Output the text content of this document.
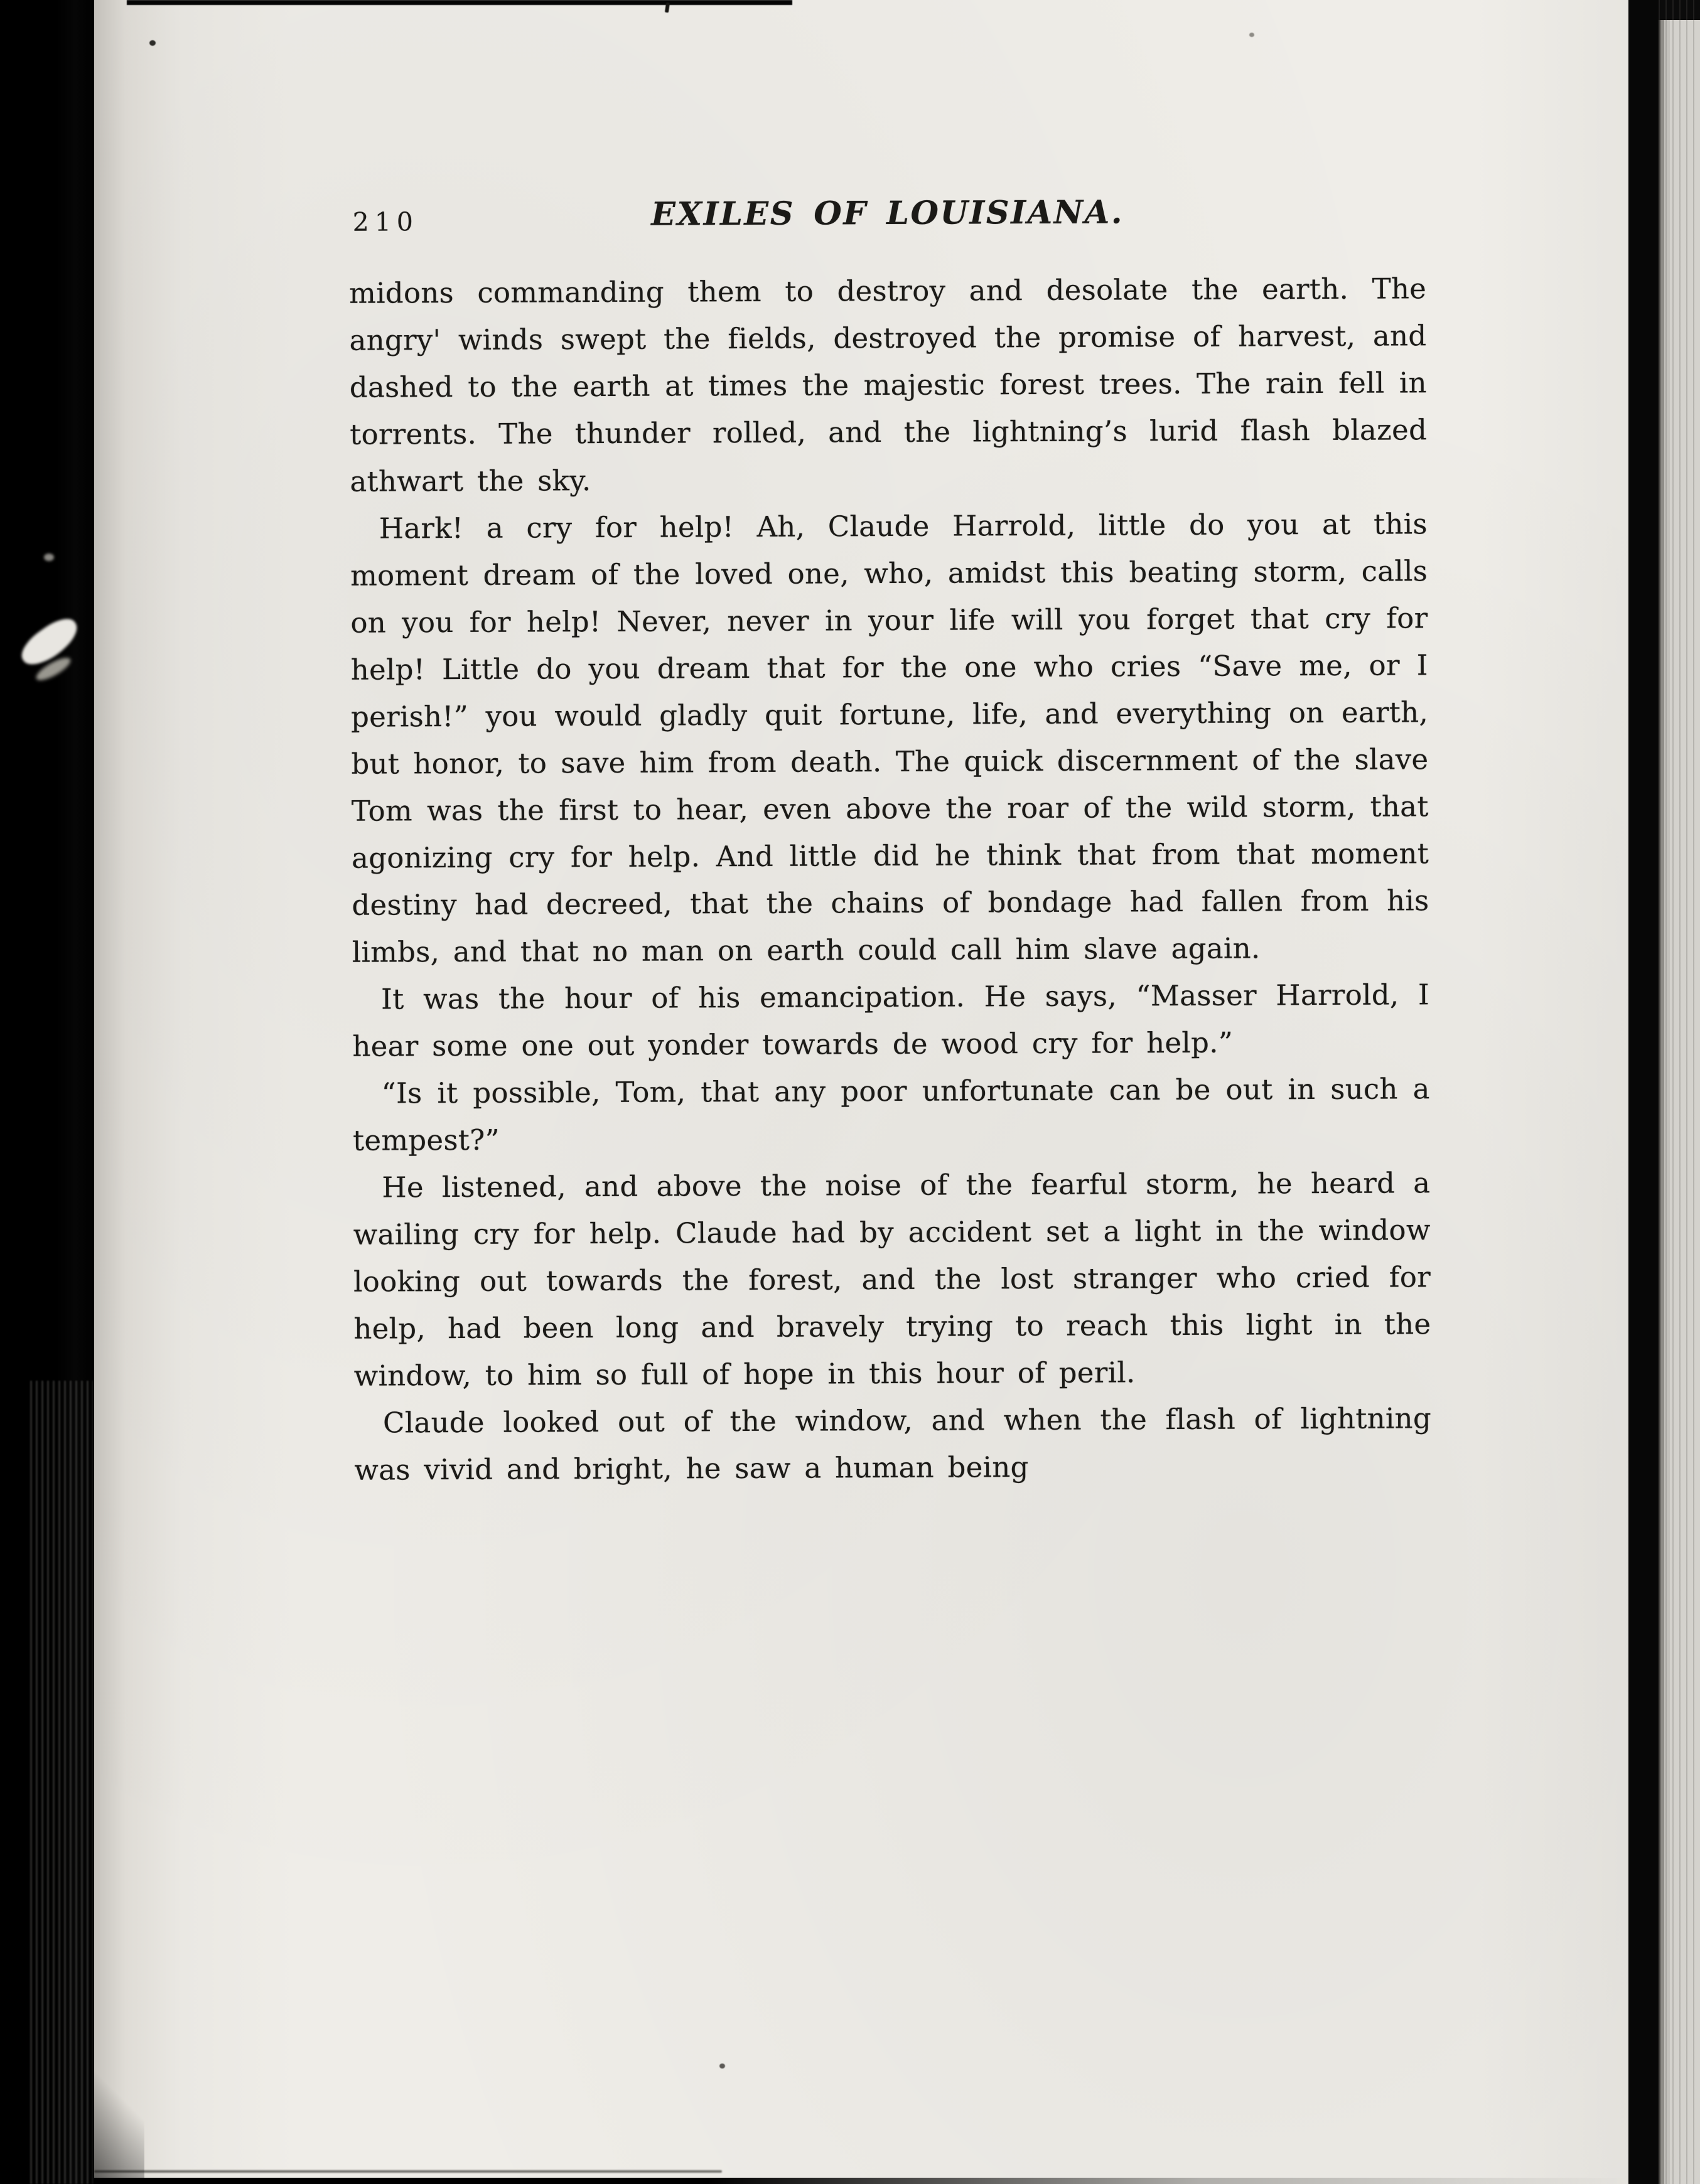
210	EXILES OF LOUISIANA.

midons commanding them to destroy and desolate the earth. The angry' winds swept the fields, destroyed the promise of harvest, and dashed to the earth at times the majestic forest trees. The rain fell in torrents. The thunder rolled, and the lightning’s lurid flash blazed athwart the sky.

Hark! a cry for help! Ah, Claude Harrold, little do you at this moment dream of the loved one, who, amidst this beating storm, calls on you for help! Never, never in your life will you forget that cry for help! Little do you dream that for the one who cries “Save me, or I perish!” you would gladly quit fortune, life, and everything on earth, but honor, to save him from death. The quick discernment of the slave Tom was the first to hear, even above the roar of the wild storm, that agonizing cry for help. And little did he think that from that moment destiny had decreed, that the chains of bondage had fallen from his limbs, and that no man on earth could call him slave again.

It was the hour of his emancipation. He says, “Masser Harrold, I hear some one out yonder towards de wood cry for help.”

“Is it possible, Tom, that any poor unfortunate can be out in such a tempest?”

He listened, and above the noise of the fearful storm, he heard a wailing cry for help. Claude had by accident set a light in the window looking out towards the forest, and the lost stranger who cried for help, had been long and bravely trying to reach this light in the window, to him so full of hope in this hour of peril.

Claude looked out of the window, and when the flash of lightning was vivid and bright, he saw a human being
